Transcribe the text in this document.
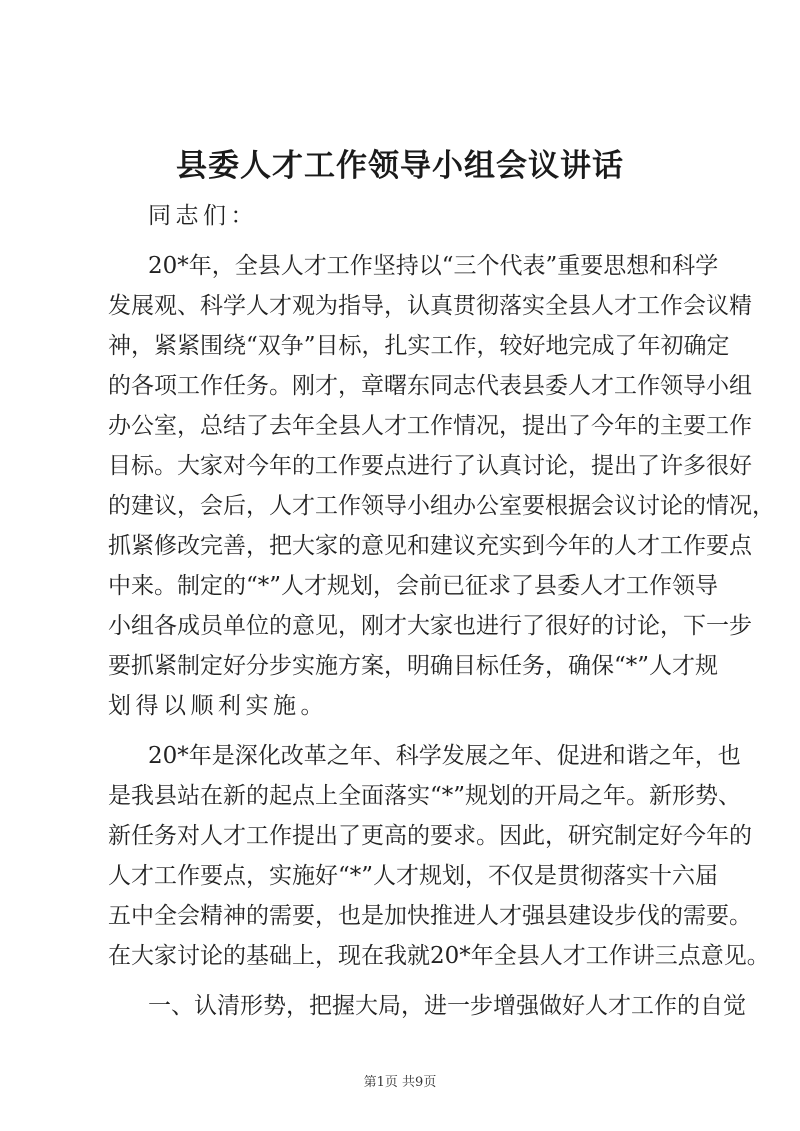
县委人才工作领导小组会议讲话
同志们：
20*年，全县人才工作坚持以“三个代表”重要思想和科学
发展观、科学人才观为指导，认真贯彻落实全县人才工作会议精
神，紧紧围绕“双争”目标，扎实工作，较好地完成了年初确定
的各项工作任务。刚才，章曙东同志代表县委人才工作领导小组
办公室，总结了去年全县人才工作情况，提出了今年的主要工作
目标。大家对今年的工作要点进行了认真讨论，提出了许多很好
的建议，会后，人才工作领导小组办公室要根据会议讨论的情况，
抓紧修改完善，把大家的意见和建议充实到今年的人才工作要点
中来。制定的“*”人才规划，会前已征求了县委人才工作领导
小组各成员单位的意见，刚才大家也进行了很好的讨论，下一步
要抓紧制定好分步实施方案，明确目标任务，确保“*”人才规
划得以顺利实施。
20*年是深化改革之年、科学发展之年、促进和谐之年，也
是我县站在新的起点上全面落实“*”规划的开局之年。新形势、
新任务对人才工作提出了更高的要求。因此，研究制定好今年的
人才工作要点，实施好“*”人才规划，不仅是贯彻落实十六届
五中全会精神的需要，也是加快推进人才强县建设步伐的需要。
在大家讨论的基础上，现在我就20*年全县人才工作讲三点意见。
一、认清形势，把握大局，进一步增强做好人才工作的自觉
第1页 共9页
